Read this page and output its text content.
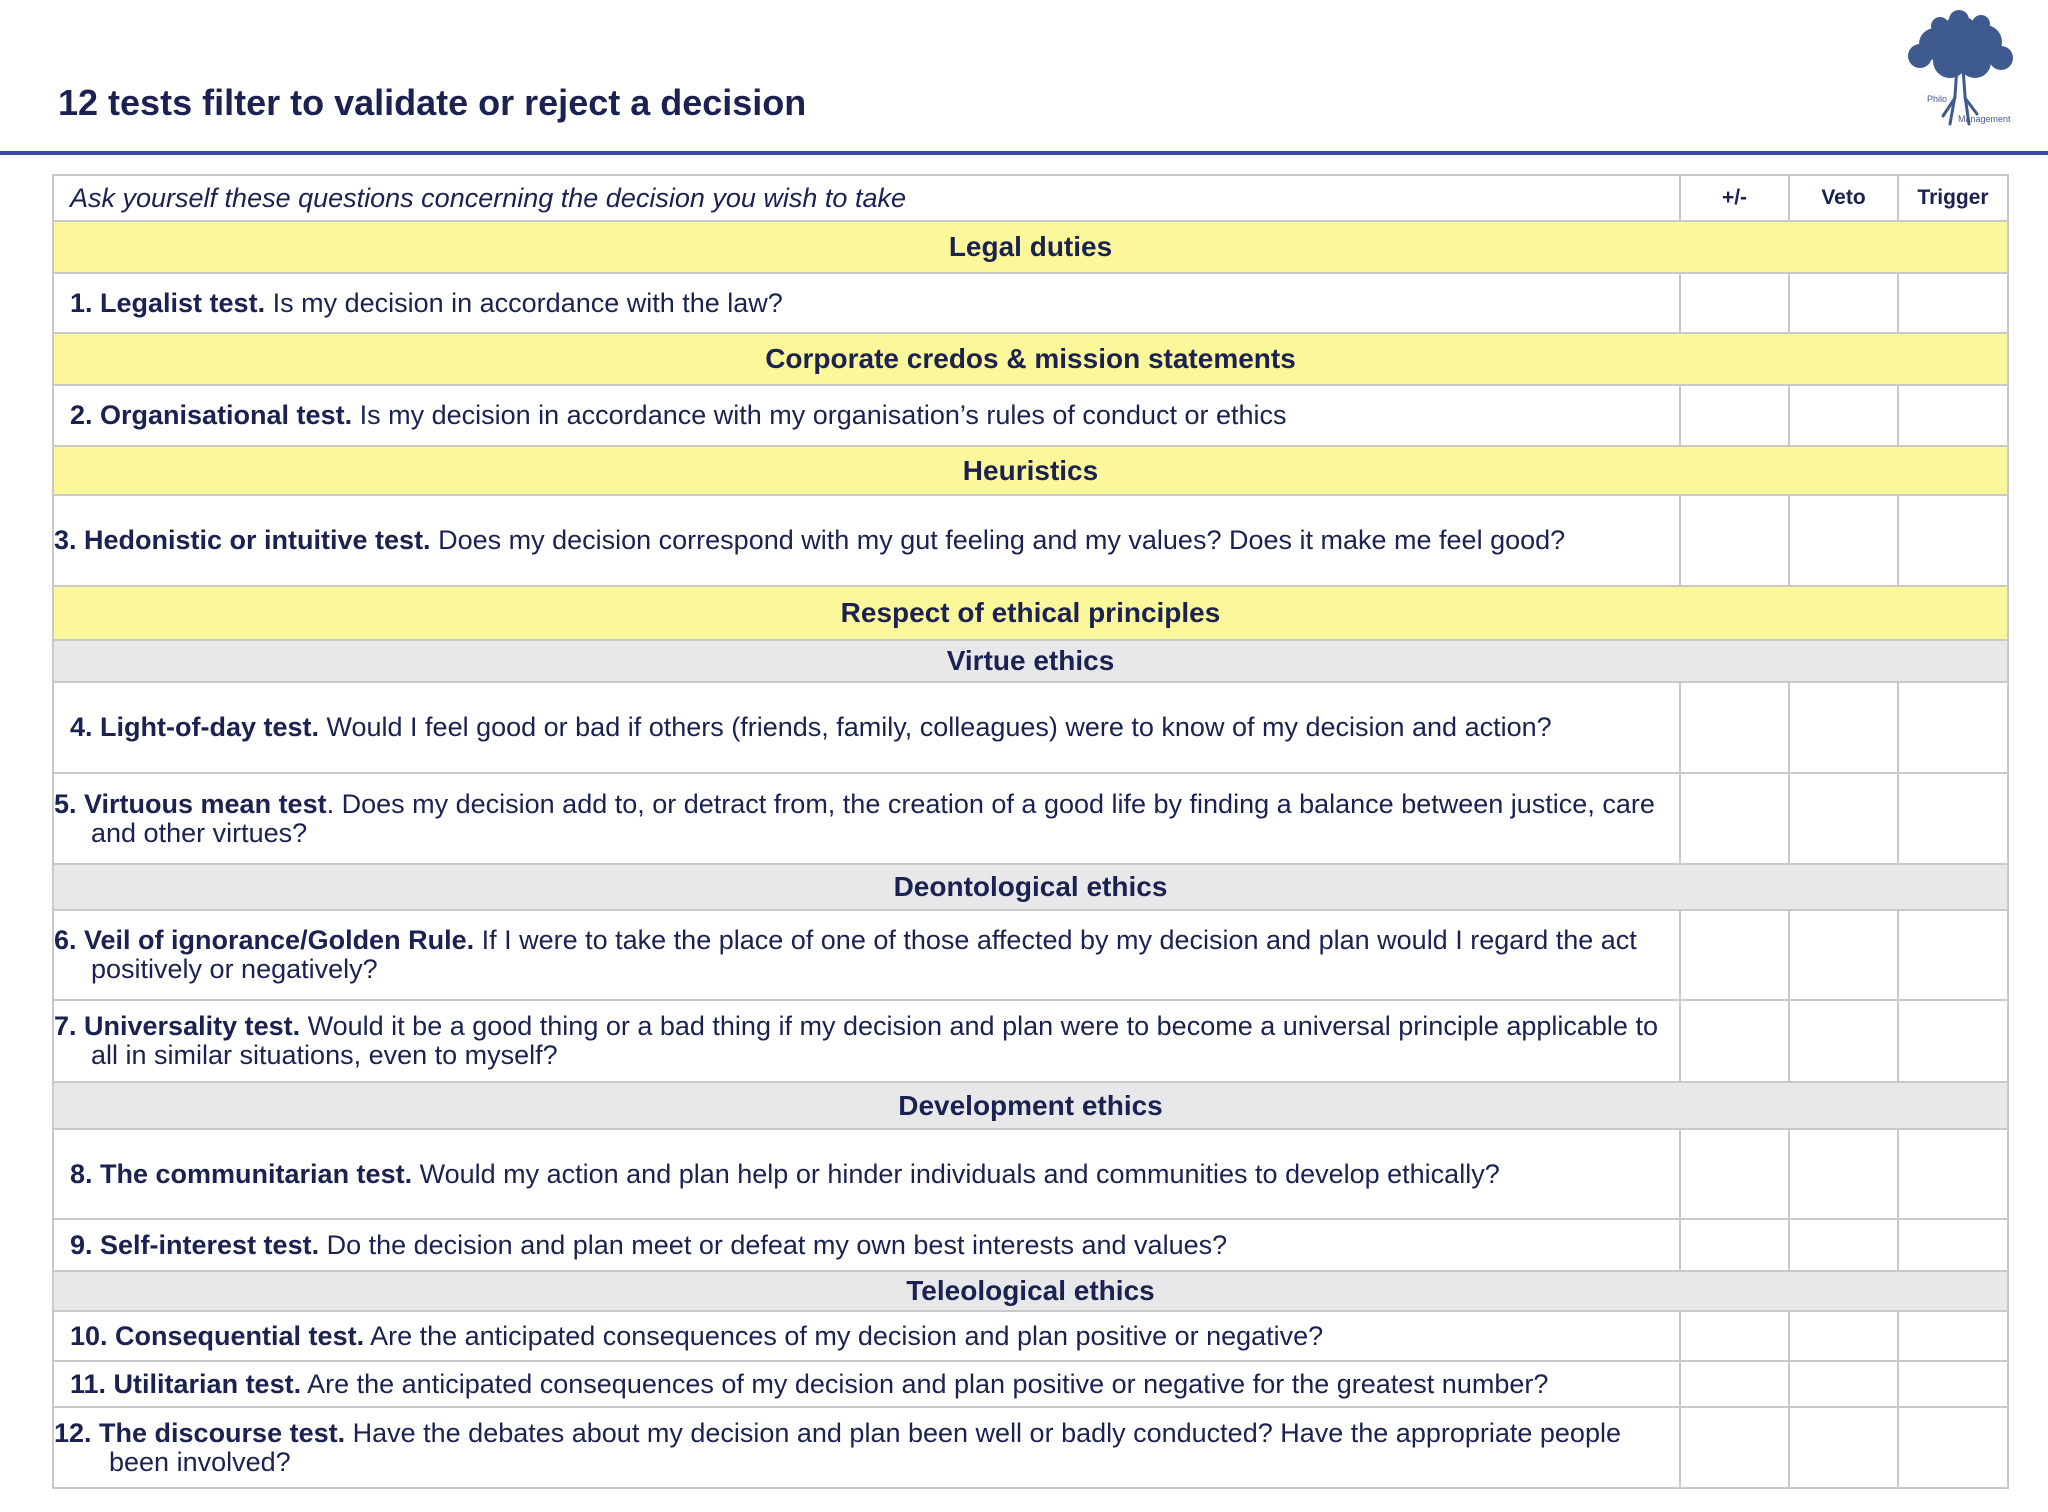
12 tests filter to validate or reject a decision	Philo
Management
Ask yourself these questions concerning the decision you wish to take	+/-	Veto	Trigger
Legal duties			
1. Legalist test. Is my decision in accordance with the law?			
Corporate credos & mission statements			
2. Organisational test. Is my decision in accordance with my organisation’s rules of conduct or ethics			
Heuristics			
3. Hedonistic or intuitive test. Does my decision correspond with my gut feeling and my values? Does it make me feel good?			
Respect of ethical principles			
Virtue ethics			
4. Light-of-day test. Would I feel good or bad if others (friends, family, colleagues) were to know of my decision and action?			
5. Virtuous mean test. Does my decision add to, or detract from, the creation of a good life by finding a balance between justice, care and other virtues?			
Deontological ethics			
6. Veil of ignorance/Golden Rule. If I were to take the place of one of those affected by my decision and plan would I regard the act positively or negatively?			
7. Universality test. Would it be a good thing or a bad thing if my decision and plan were to become a universal principle applicable to all in similar situations, even to myself?			
Development ethics			
8. The communitarian test. Would my action and plan help or hinder individuals and communities to develop ethically?			
9. Self-interest test. Do the decision and plan meet or defeat my own best interests and values?			
Teleological ethics			
10. Consequential test. Are the anticipated consequences of my decision and plan positive or negative?			
11. Utilitarian test. Are the anticipated consequences of my decision and plan positive or negative for the greatest number?			
12. The discourse test. Have the debates about my decision and plan been well or badly conducted? Have the appropriate people been involved?			
